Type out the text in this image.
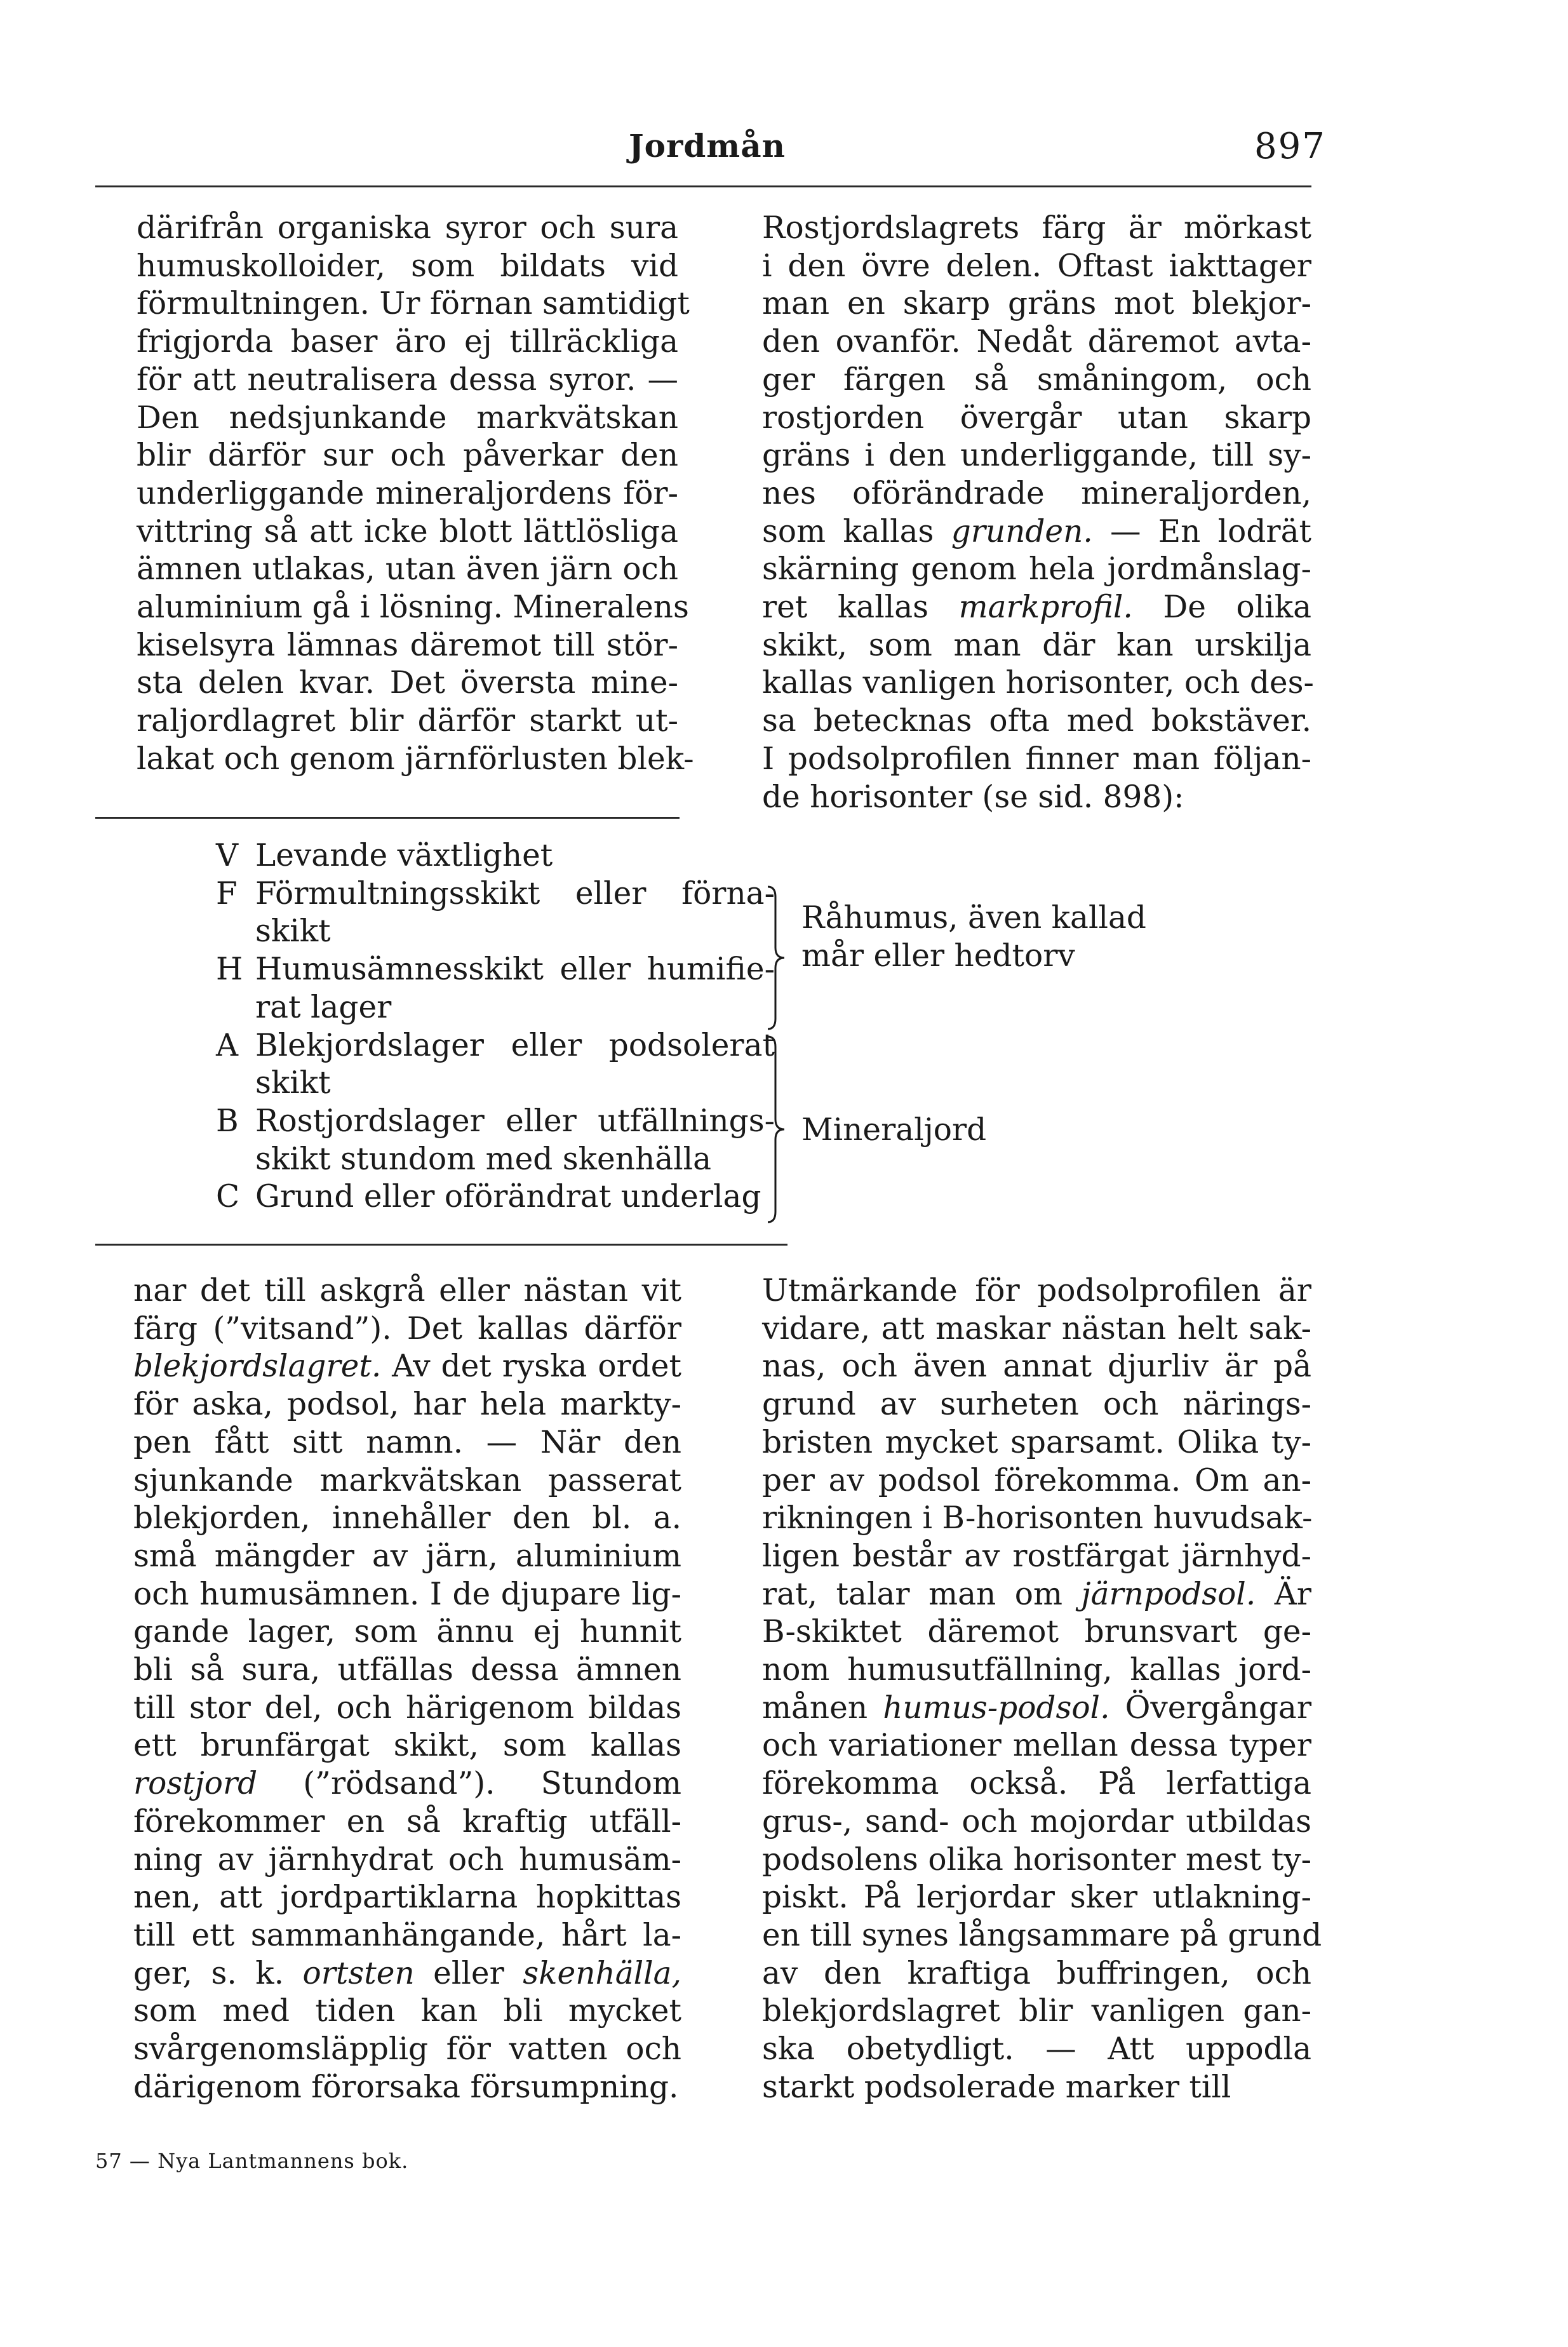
Jordmån	897
därifrån organiska syror och sura
humuskolloider, som bildats vid
förmultningen. Ur förnan samtidigt
frigjorda baser äro ej tillräckliga
för att neutralisera dessa syror. —
Den nedsjunkande markvätskan
blir därför sur och påverkar den
underliggande mineraljordens för-
vittring så att icke blott lättlösliga
ämnen utlakas, utan även järn och
aluminium gå i lösning. Mineralens
kiselsyra lämnas däremot till stör-
sta delen kvar. Det översta mine-
raljordlagret blir därför starkt ut-
lakat och genom järnförlusten blek-
Rostjordslagrets färg är mörkast
i den övre delen. Oftast iakttager
man en skarp gräns mot blekjor-
den ovanför. Nedåt däremot avta-
ger färgen så småningom, och
rostjorden övergår utan skarp
gräns i den underliggande, till sy-
nes oförändrade mineraljorden,
som kallas grunden. — En lodrät
skärning genom hela jordmånslag-
ret kallas markprofil. De olika
skikt, som man där kan urskilja
kallas vanligen horisonter, och des-
sa betecknas ofta med bokstäver.
I podsolprofilen finner man följan-
de horisonter (se sid. 898):
V Levande växtlighet
F Förmultningsskikt eller förna-
skikt
H Humusämnesskikt eller humifie-
rat lager
A Blekjordslager eller podsolerat
skikt
B Rostjordslager eller utfällnings-
skikt stundom med skenhälla
C Grund eller oförändrat underlag
Råhumus, även kallad
mår eller hedtorv
Mineraljord
nar det till askgrå eller nästan vit
färg (”vitsand”). Det kallas därför
blekjordslagret. Av det ryska ordet
för aska, podsol, har hela markty-
pen fått sitt namn. — När den
sjunkande markvätskan passerat
blekjorden, innehåller den bl. a.
små mängder av järn, aluminium
och humusämnen. I de djupare lig-
gande lager, som ännu ej hunnit
bli så sura, utfällas dessa ämnen
till stor del, och härigenom bildas
ett brunfärgat skikt, som kallas
rostjord (”rödsand”). Stundom
förekommer en så kraftig utfäll-
ning av järnhydrat och humusäm-
nen, att jordpartiklarna hopkittas
till ett sammanhängande, hårt la-
ger, s. k. ortsten eller skenhälla,
som med tiden kan bli mycket
svårgenomsläpplig för vatten och
därigenom förorsaka försumpning.
Utmärkande för podsolprofilen är
vidare, att maskar nästan helt sak-
nas, och även annat djurliv är på
grund av surheten och närings-
bristen mycket sparsamt. Olika ty-
per av podsol förekomma. Om an-
rikningen i B-horisonten huvudsak-
ligen består av rostfärgat järnhyd-
rat, talar man om järnpodsol. Är
B-skiktet däremot brunsvart ge-
nom humusutfällning, kallas jord-
månen humus-podsol. Övergångar
och variationer mellan dessa typer
förekomma också. På lerfattiga
grus-, sand- och mojordar utbildas
podsolens olika horisonter mest ty-
piskt. På lerjordar sker utlakning-
en till synes långsammare på grund
av den kraftiga buffringen, och
blekjordslagret blir vanligen gan-
ska obetydligt. — Att uppodla
starkt podsolerade marker till
57 — Nya Lantmannens bok.
